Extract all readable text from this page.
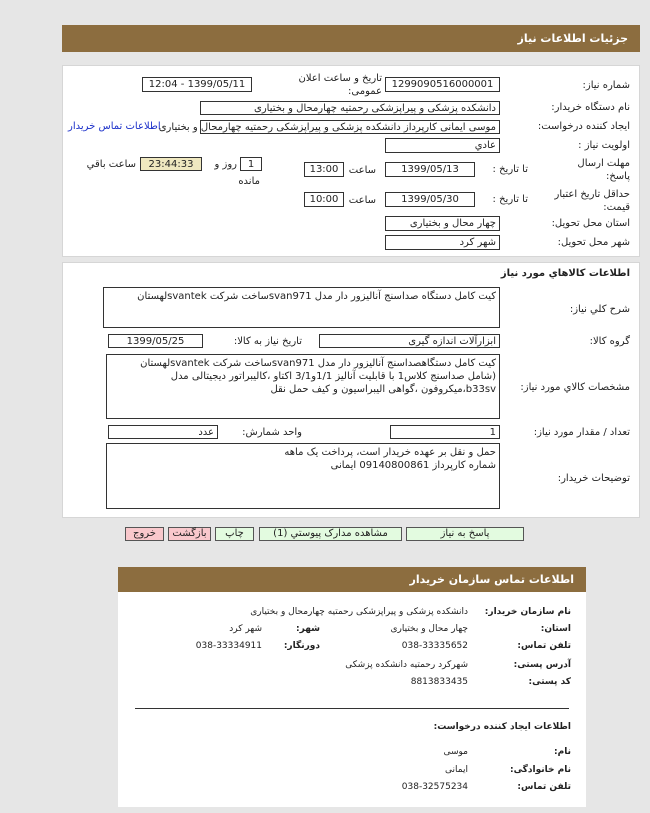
جزئیات اطلاعات نیاز
شماره نیاز:
1299090516000001
تاریخ و ساعت اعلان
عمومی:
1399/05/11 - 12:04
نام دستگاه خریدار:
دانشکده پزشکی و پیراپزشکی رحمتیه چهارمحال و بختیاری
ایجاد کننده درخواست:
موسی ایمانی کارپرداز دانشکده پزشکی و پیراپزشکی رحمتیه چهارمحال و بختیاری
اطلاعات تماس خریدار
اولویت نیاز :
عادي
مهلت ارسال
پاسخ:
تا تاریخ :
1399/05/13
ساعت
13:00
1
روز و
23:44:33
ساعت باقي
مانده
حداقل تاریخ اعتبار
قیمت:
تا تاریخ :
1399/05/30
ساعت
10:00
استان محل تحویل:
چهار محال و بختیاری
شهر محل تحویل:
شهر کرد
اطلاعات کالاهاي مورد نياز
شرح کلي نياز:
کیت کامل دستگاه صداسنج آنالیزور دار مدل svan971ساخت شرکت svantekلهستان
گروه کالا:
ابزارآلات اندازه گیری
تاریخ نیاز به کالا:
1399/05/25
مشخصات کالاي مورد نياز:
کیت کامل دستگاهصداسنج آنالیزور دار مدل svan971ساخت شرکت svantekلهستان (شامل صداسنج کلاس1 با قابلیت آنالیز 1/1و3/1 اکتاو ،کالیبراتور دیجیتالی مدل b33sv،میکروفون ،گواهی الیبراسیون و کیف حمل نقل
تعداد / مقدار مورد نیاز:
1
واحد شمارش:
عدد
توضیحات خریدار:
حمل و نقل بر عهده خریدار است، پرداخت یک ماهه
شماره کارپرداز 09140800861 ایمانی
پاسخ به نیاز
مشاهده مدارک پیوستي (1)
چاپ
بازگشت
خروج
اطلاعات تماس سازمان خریدار
نام سازمان خریدار:
دانشکده پزشکی و پیراپزشکی رحمتیه چهارمحال و بختیاری
استان:
چهار محال و بختیاری
شهر:
شهر کرد
تلفن تماس:
038-33335652
دورنگار:
038-33334911
آدرس پستی:
شهرکرد رحمتیه دانشکده پزشکی
کد پستی:
8813833435
اطلاعات ایجاد کننده درخواست:
نام:
موسی
نام خانوادگی:
ایمانی
تلفن تماس:
038-32575234
